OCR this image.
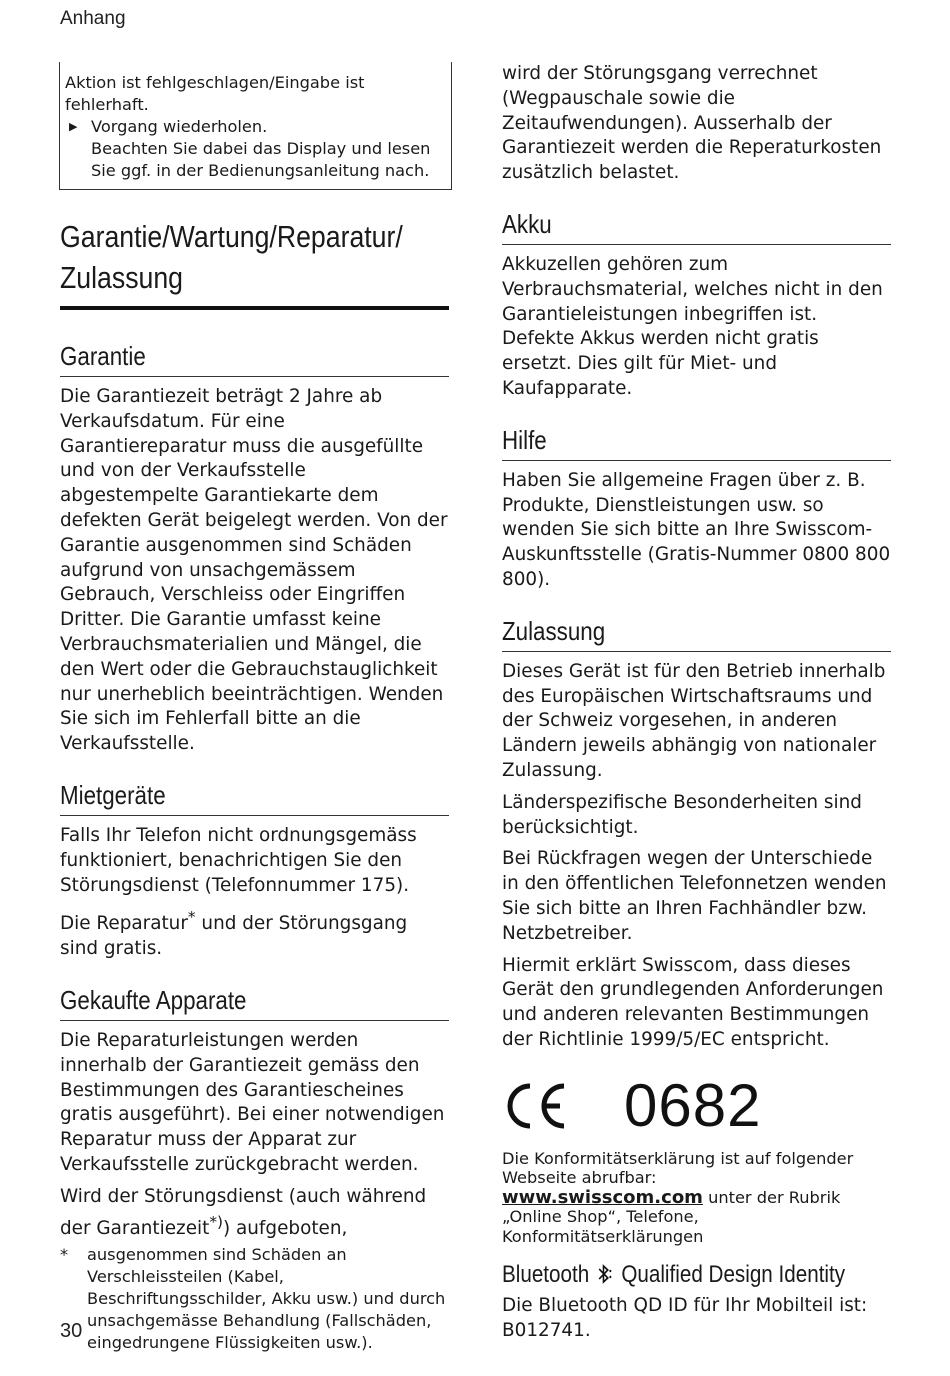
Anhang

Aktion ist fehlgeschlagen/Eingabe ist fehlerhaft.

▶ Vorgang wiederholen.

Beachten Sie dabei das Display und lesen Sie ggf. in der Bedienungsanleitung nach.

Garantie/Wartung/Reparatur/
Zulassung
Garantie

Die Garantiezeit beträgt 2 Jahre ab Verkaufsdatum. Für eine Garantiereparatur muss die ausgefüllte und von der Verkaufsstelle abgestempelte Garantiekarte dem defekten Gerät beigelegt werden. Von der Garantie ausgenommen sind Schäden aufgrund von unsachgemässem Gebrauch, Verschleiss oder Eingriffen Dritter. Die Garantie umfasst keine Verbrauchsmaterialien und Mängel, die den Wert oder die Gebrauchstauglichkeit nur unerheblich beeinträchtigen. Wenden Sie sich im Fehlerfall bitte an die Verkaufsstelle.

Mietgeräte

Falls Ihr Telefon nicht ordnungsgemäss funktioniert, benachrichtigen Sie den Störungsdienst (Telefonnummer 175).

Die Reparatur* und der Störungsgang sind gratis.

Gekaufte Apparate

Die Reparaturleistungen werden innerhalb der Garantiezeit gemäss den Bestimmungen des Garantiescheines gratis ausgeführt). Bei einer notwendigen Reparatur muss der Apparat zur Verkaufsstelle zurückgebracht werden.

Wird der Störungsdienst (auch während der Garantiezeit*)) aufgeboten,

*	ausgenommen sind Schäden an Verschleissteilen (Kabel, Beschriftungsschilder, Akku usw.) und durch unsachgemässe Behandlung (Fallschäden, eingedrungene Flüssigkeiten usw.).

wird der Störungsgang verrechnet (Wegpauschale sowie die Zeitaufwendungen). Ausserhalb der Garantiezeit werden die Reperaturkosten zusätzlich belastet.

Akku

Akkuzellen gehören zum Verbrauchsmaterial, welches nicht in den Garantieleistungen inbegriffen ist. Defekte Akkus werden nicht gratis ersetzt. Dies gilt für Miet- und Kaufapparate.

Hilfe

Haben Sie allgemeine Fragen über z. B. Produkte, Dienstleistungen usw. so wenden Sie sich bitte an Ihre Swisscom-Auskunftsstelle (Gratis-Nummer 0800 800 800).

Zulassung

Dieses Gerät ist für den Betrieb innerhalb des Europäischen Wirtschaftsraums und der Schweiz vorgesehen, in anderen Ländern jeweils abhängig von nationaler Zulassung.

Länderspezifische Besonderheiten sind berücksichtigt.

Bei Rückfragen wegen der Unterschiede in den öffentlichen Telefonnetzen wenden Sie sich bitte an Ihren Fachhändler bzw. Netzbetreiber.

Hiermit erklärt Swisscom, dass dieses Gerät den grundlegenden Anforderungen und anderen relevanten Bestimmungen der Richtlinie 1999/5/EC entspricht.

0682

Die Konformitätserklärung ist auf folgender Webseite abrufbar:

www.swisscom.com unter der Rubrik „Online Shop“, Telefone, Konformitätserklärungen

Bluetooth Qualified Design Identity

Die Bluetooth QD ID für Ihr Mobilteil ist: B012741.

30
